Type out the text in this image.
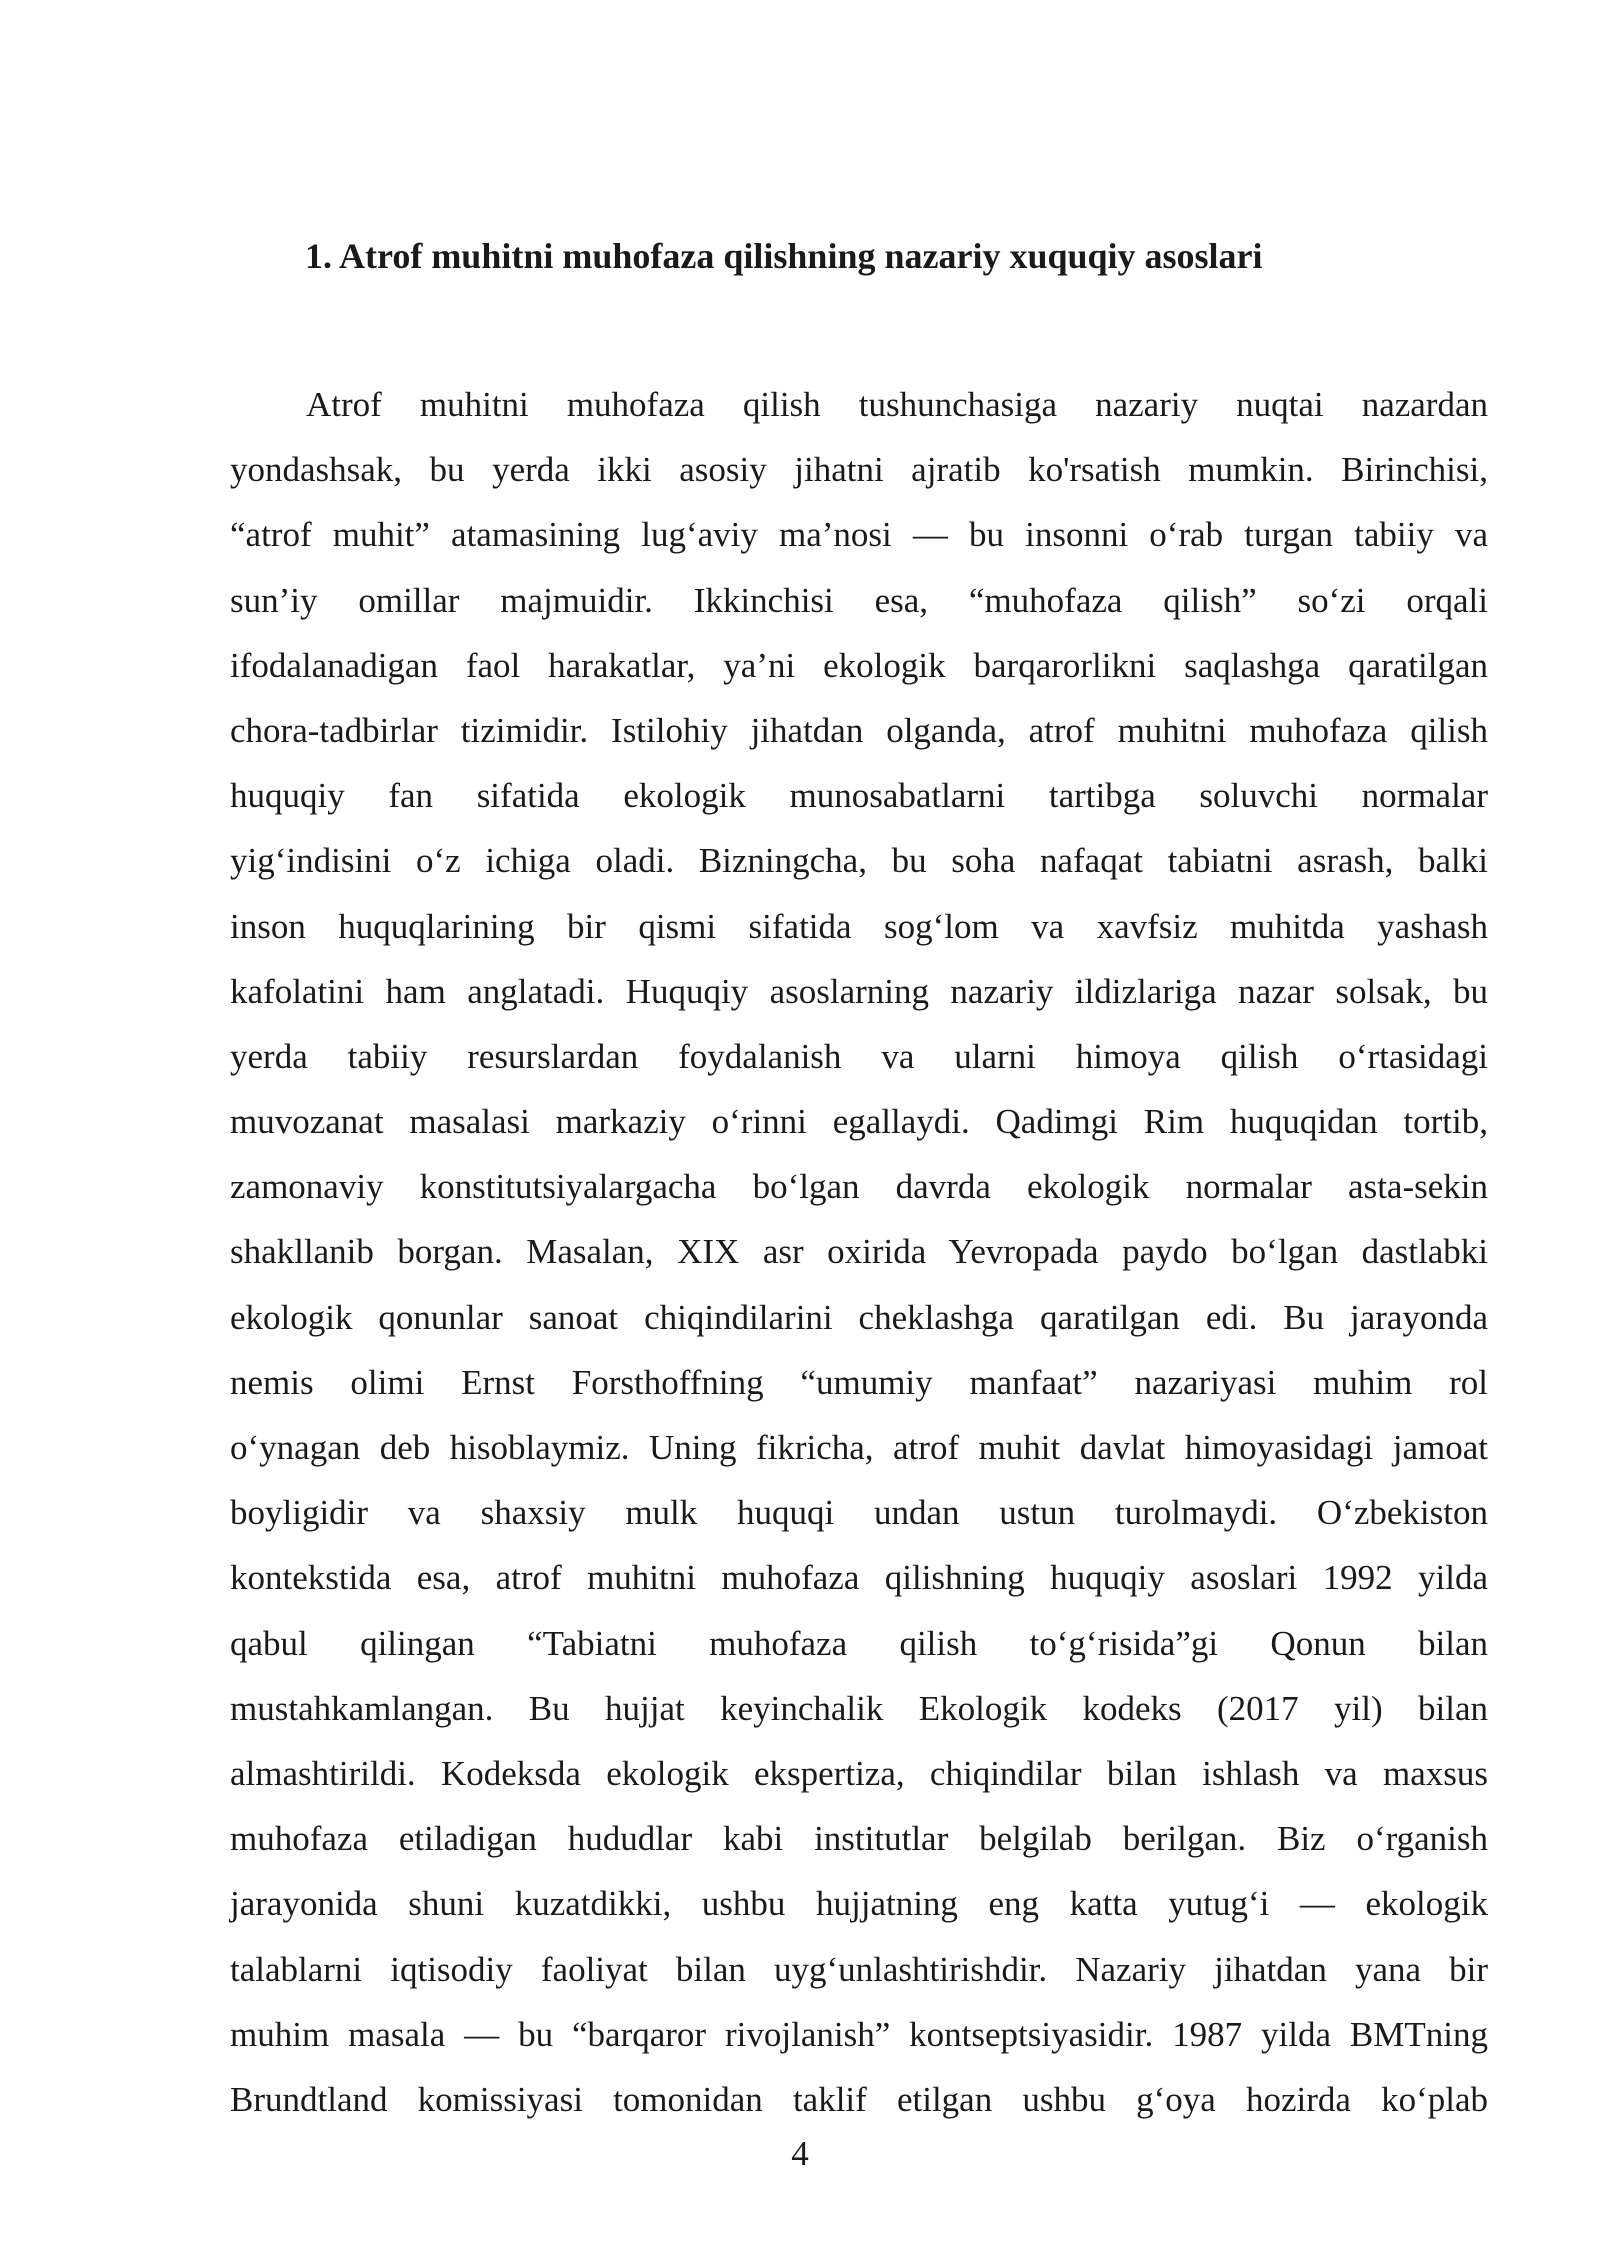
1. Atrof muhitni muhofaza qilishning nazariy xuquqiy asoslari
Atrof muhitni muhofaza qilish tushunchasiga nazariy nuqtai nazardan
yondashsak, bu yerda ikki asosiy jihatni ajratib ko'rsatish mumkin. Birinchisi,
“atrof muhit” atamasining lug‘aviy ma’nosi — bu insonni o‘rab turgan tabiiy va
sun’iy omillar majmuidir. Ikkinchisi esa, “muhofaza qilish” so‘zi orqali
ifodalanadigan faol harakatlar, ya’ni ekologik barqarorlikni saqlashga qaratilgan
chora-tadbirlar tizimidir. Istilohiy jihatdan olganda, atrof muhitni muhofaza qilish
huquqiy fan sifatida ekologik munosabatlarni tartibga soluvchi normalar
yig‘indisini o‘z ichiga oladi. Bizningcha, bu soha nafaqat tabiatni asrash, balki
inson huquqlarining bir qismi sifatida sog‘lom va xavfsiz muhitda yashash
kafolatini ham anglatadi. Huquqiy asoslarning nazariy ildizlariga nazar solsak, bu
yerda tabiiy resurslardan foydalanish va ularni himoya qilish o‘rtasidagi
muvozanat masalasi markaziy o‘rinni egallaydi. Qadimgi Rim huquqidan tortib,
zamonaviy konstitutsiyalargacha bo‘lgan davrda ekologik normalar asta-sekin
shakllanib borgan. Masalan, XIX asr oxirida Yevropada paydo bo‘lgan dastlabki
ekologik qonunlar sanoat chiqindilarini cheklashga qaratilgan edi. Bu jarayonda
nemis olimi Ernst Forsthoffning “umumiy manfaat” nazariyasi muhim rol
o‘ynagan deb hisoblaymiz. Uning fikricha, atrof muhit davlat himoyasidagi jamoat
boyligidir va shaxsiy mulk huquqi undan ustun turolmaydi. O‘zbekiston
kontekstida esa, atrof muhitni muhofaza qilishning huquqiy asoslari 1992 yilda
qabul qilingan “Tabiatni muhofaza qilish to‘g‘risida”gi Qonun bilan
mustahkamlangan. Bu hujjat keyinchalik Ekologik kodeks (2017 yil) bilan
almashtirildi. Kodeksda ekologik ekspertiza, chiqindilar bilan ishlash va maxsus
muhofaza etiladigan hududlar kabi institutlar belgilab berilgan. Biz o‘rganish
jarayonida shuni kuzatdikki, ushbu hujjatning eng katta yutug‘i — ekologik
talablarni iqtisodiy faoliyat bilan uyg‘unlashtirishdir. Nazariy jihatdan yana bir
muhim masala — bu “barqaror rivojlanish” kontseptsiyasidir. 1987 yilda BMTning
Brundtland komissiyasi tomonidan taklif etilgan ushbu g‘oya hozirda ko‘plab
4
